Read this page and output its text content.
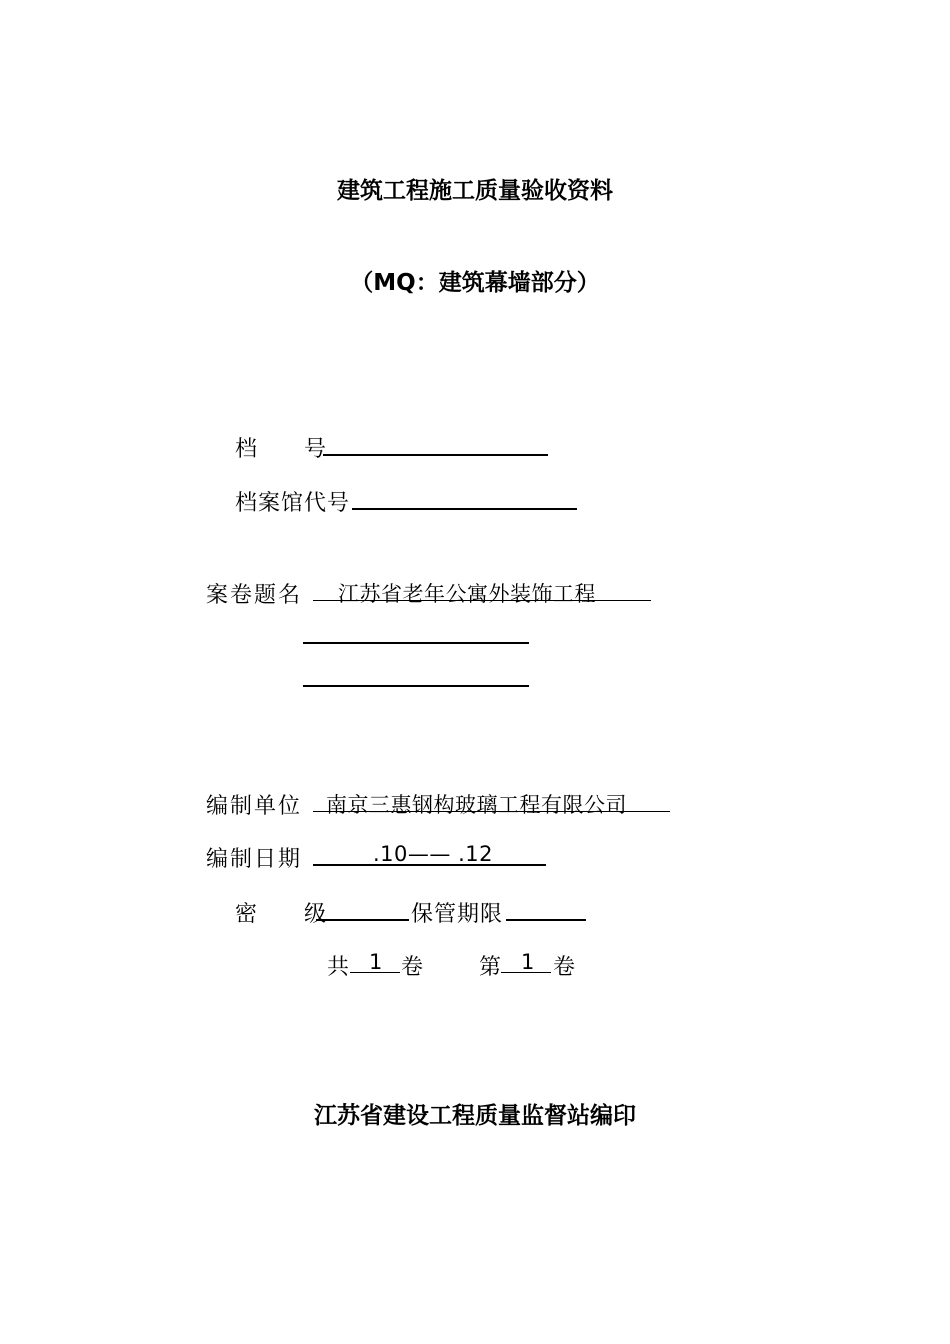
建筑工程施工质量验收资料
（MQ：建筑幕墙部分）
档　　号
档案馆代号
案卷题名 江苏省老年公寓外装饰工程
编制单位 南京三惠钢构玻璃工程有限公司
编制日期	.10—— .12
密　　级	保管期限
共 1 卷 第 1 卷
江苏省建设工程质量监督站编印
